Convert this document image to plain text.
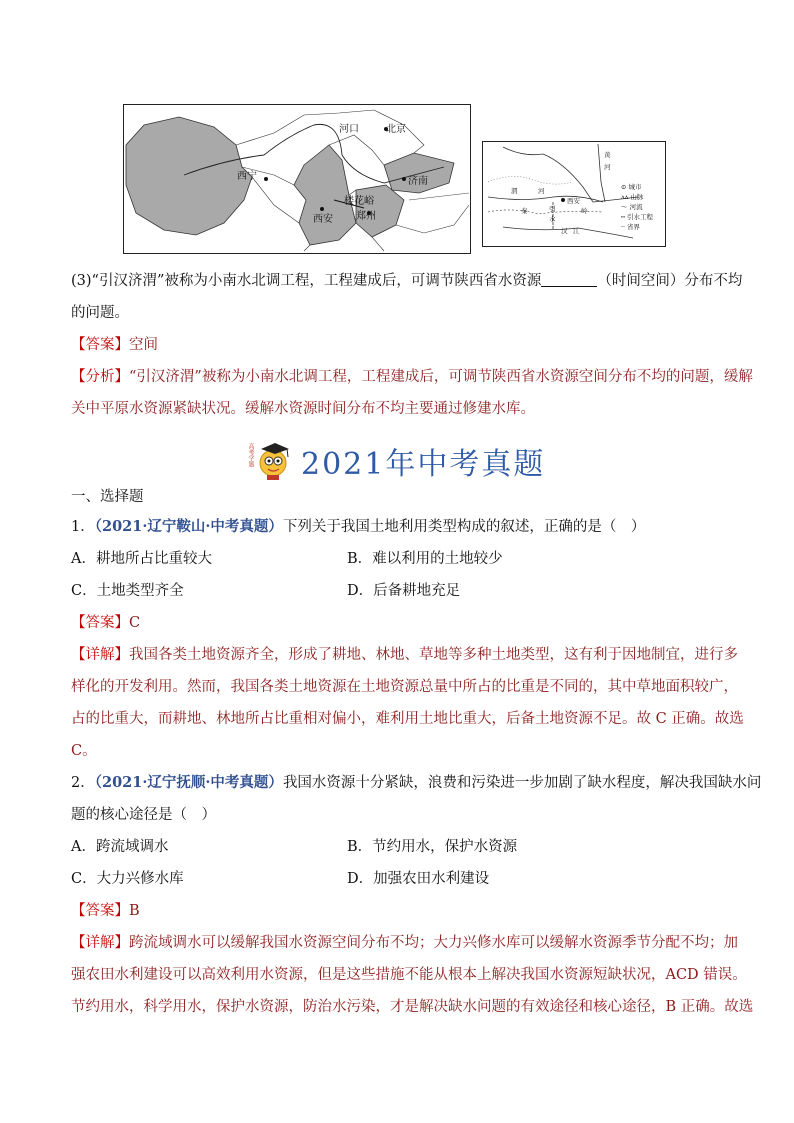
河口	北京
西宁	济南
楼花峪
西安 郑州
黄
河
渭	河
西安
秦	岭
引
水
汉 江
⊙ 城市
ʌʌ 山脉
～ 河流
┅ 引水工程
┈ 省界
(3)“引汉济渭”被称为小南水北调工程，工程建成后，可调节陕西省水资源	（时间空间）分布不均
的问题。
【答案】空间
【分析】“引汉济渭”被称为小南水北调工程，工程建成后，可调节陕西省水资源空间分布不均的问题，缓解
关中平原水资源紧缺状况。缓解水资源时间分布不均主要通过修建水库。
高考学题 2021年中考真题
一、选择题
1．（2021·辽宁鞍山·中考真题）下列关于我国土地利用类型构成的叙述，正确的是（　）
A．耕地所占比重较大	B．难以利用的土地较少
C．土地类型齐全	D．后备耕地充足
【答案】C
【详解】我国各类土地资源齐全，形成了耕地、林地、草地等多种土地类型，这有利于因地制宜，进行多
样化的开发利用。然而，我国各类土地资源在土地资源总量中所占的比重是不同的，其中草地面积较广，
占的比重大，而耕地、林地所占比重相对偏小，难利用土地比重大，后备土地资源不足。故 C 正确。故选
C。
2．（2021·辽宁抚顺·中考真题）我国水资源十分紧缺，浪费和污染进一步加剧了缺水程度，解决我国缺水问
题的核心途径是（　）
A．跨流域调水	B．节约用水，保护水资源
C．大力兴修水库	D．加强农田水利建设
【答案】B
【详解】跨流域调水可以缓解我国水资源空间分布不均；大力兴修水库可以缓解水资源季节分配不均；加
强农田水利建设可以高效利用水资源，但是这些措施不能从根本上解决我国水资源短缺状况，ACD 错误。
节约用水，科学用水，保护水资源，防治水污染，才是解决缺水问题的有效途径和核心途径，B 正确。故选
